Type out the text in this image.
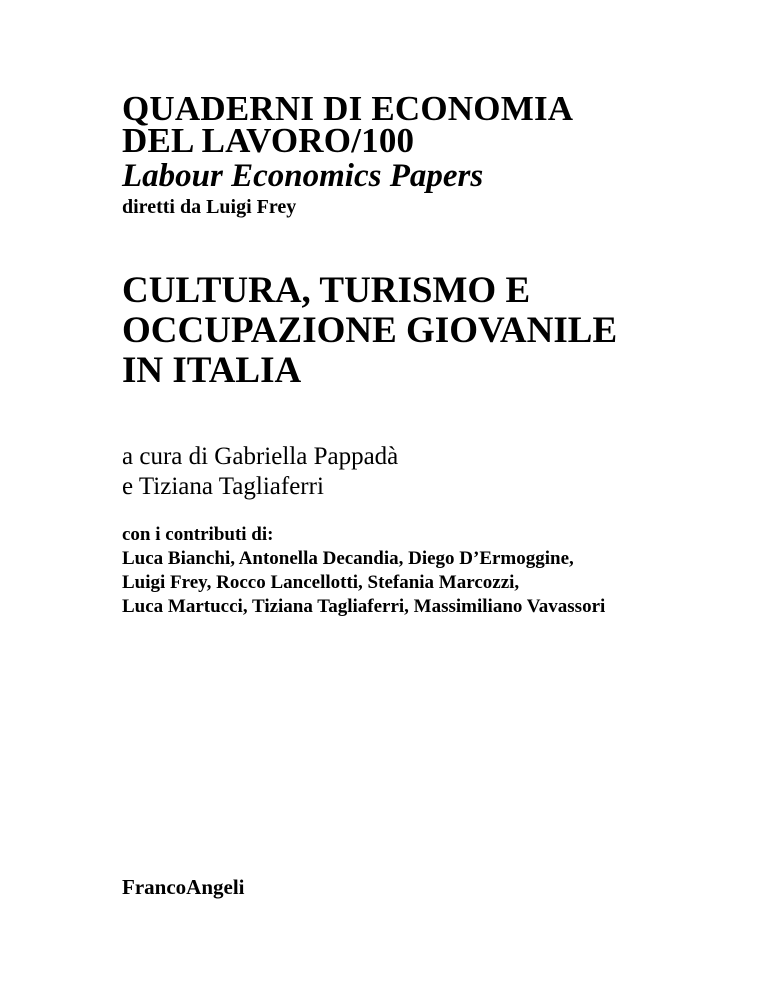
QUADERNI DI ECONOMIA
DEL LAVORO/100
Labour Economics Papers
diretti da Luigi Frey
CULTURA, TURISMO E
OCCUPAZIONE GIOVANILE
IN ITALIA
a cura di Gabriella Pappadà
e Tiziana Tagliaferri
con i contributi di:
Luca Bianchi, Antonella Decandia, Diego D’Ermoggine,
Luigi Frey, Rocco Lancellotti, Stefania Marcozzi,
Luca Martucci, Tiziana Tagliaferri, Massimiliano Vavassori
FrancoAngeli
